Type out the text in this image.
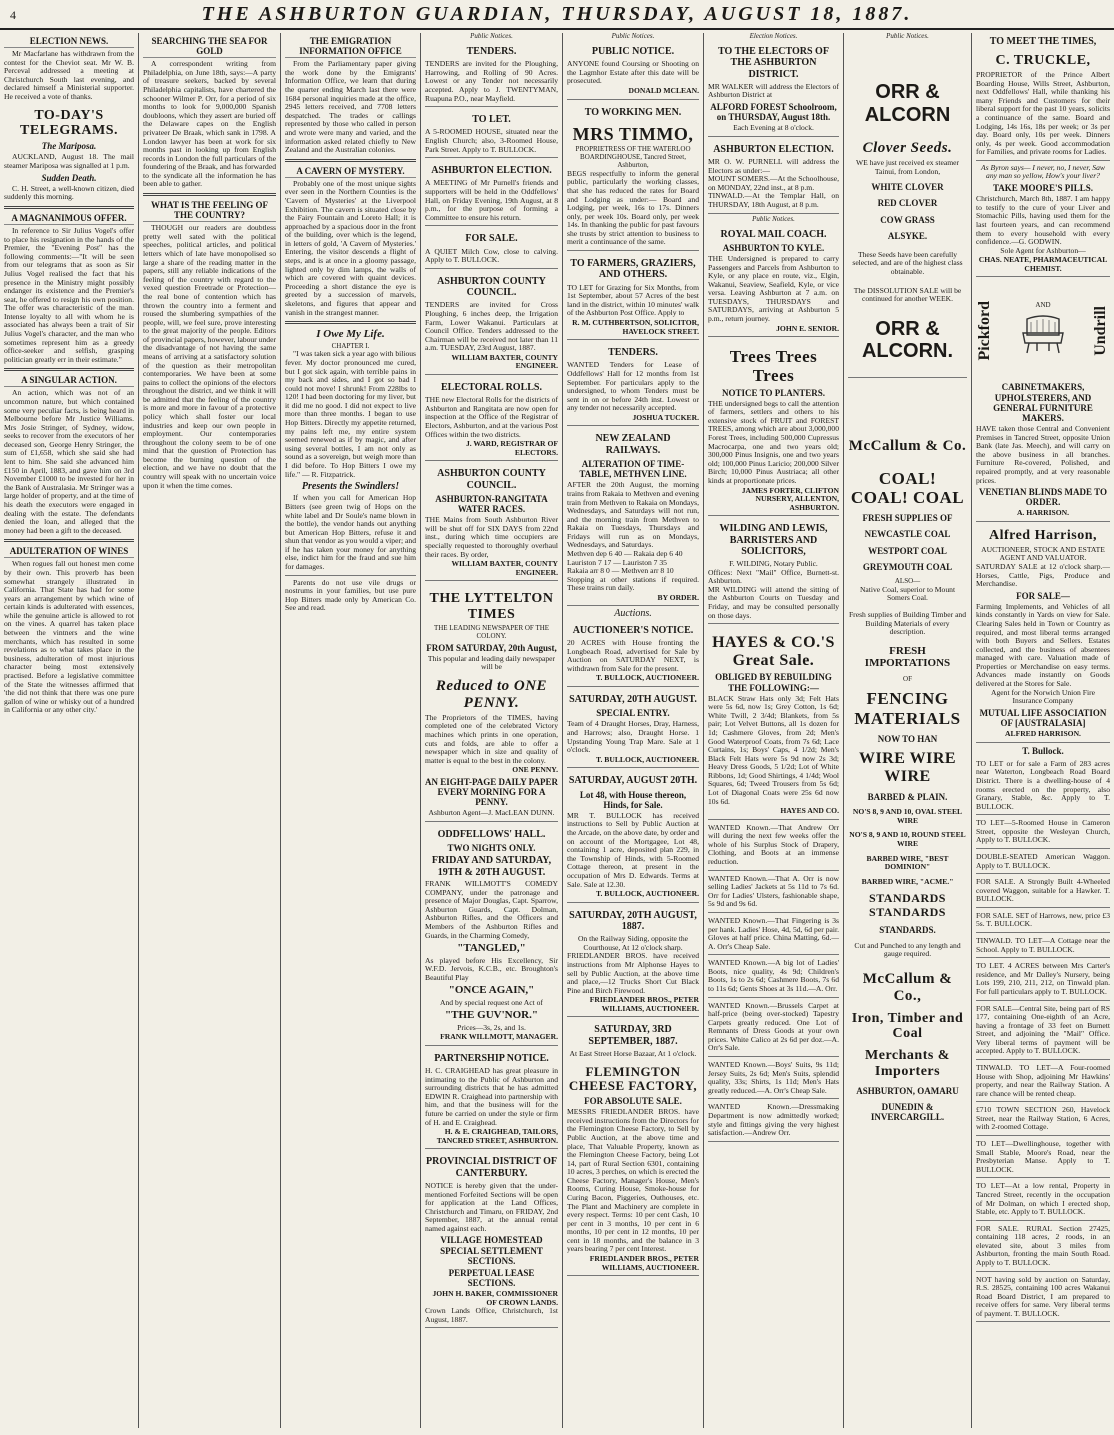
4	THE ASHBURTON GUARDIAN, THURSDAY, AUGUST 18, 1887.
ELECTION NEWS.
Mr Macfarlane has withdrawn from the contest for the Cheviot seat. Mr W. B. Perceval addressed a meeting at Christchurch South last evening, and declared himself a Ministerial supporter. He received a vote of thanks.
TO-DAY'S TELEGRAMS.
The Mariposa.
AUCKLAND, August 18. The mail steamer Mariposa was signalled at 1 p.m.
Sudden Death.
C. H. Street, a well-known citizen, died suddenly this morning.
A MAGNANIMOUS OFFER.
In reference to Sir Julius Vogel's offer to place his resignation in the hands of the Premier, the "Evening Post" has the following comments:—"It will be seen from our telegrams that as soon as Sir Julius Vogel realised the fact that his presence in the Ministry might possibly endanger its existence and the Premier's seat, he offered to resign his own position. The offer was characteristic of the man. Intense loyalty to all with whom he is associated has always been a trait of Sir Julius Vogel's character, and the man who sometimes represent him as a greedy office-seeker and selfish, grasping politician greatly err in their estimate."
A SINGULAR ACTION.
An action, which was not of an uncommon nature, but which contained some very peculiar facts, is being heard in Melbourne before Mr Justice Williams. Mrs Josie Stringer, of Sydney, widow, seeks to recover from the executors of her deceased son, George Henry Stringer, the sum of £1,658, which she said she had lent to him. She said she advanced him £150 in April, 1883, and gave him on 3rd November £1000 to be invested for her in the Bank of Australasia. Mr Stringer was a large holder of property, and at the time of his death the executors were engaged in dealing with the estate. The defendants denied the loan, and alleged that the money had been a gift to the deceased.
ADULTERATION OF WINES
When rogues fall out honest men come by their own. This proverb has been somewhat strangely illustrated in California. That State has had for some years an arrangement by which wine of certain kinds is adulterated with essences, while the genuine article is allowed to rot on the vines. A quarrel has taken place between the vintners and the wine merchants, which has resulted in some revelations as to what takes place in the business, adulteration of most injurious character being most extensively practised. Before a legislative committee of the State the witnesses affirmed that 'the did not think that there was one pure gallon of wine or whisky out of a hundred in California or any other city.'
SEARCHING THE SEA FOR GOLD
A correspondent writing from Philadelphia, on June 18th, says:—A party of treasure seekers, backed by several Philadelphia capitalists, have chartered the schooner Wilmer P. Orr, for a period of six months to look for 9,000,000 Spanish doubloons, which they assert are buried off the Delaware capes on the English privateer De Braak, which sank in 1798. A London lawyer has been at work for six months past in looking up from English records in London the full particulars of the foundering of the Braak, and has forwarded to the syndicate all the information he has been able to gather.
WHAT IS THE FEELING OF THE COUNTRY?
THOUGH our readers are doubtless pretty well sated with the political speeches, political articles, and political letters which of late have monopolised so large a share of the reading matter in the papers, still any reliable indications of the feeling of the country with regard to the vexed question Freetrade or Protection—the real bone of contention which has thrown the country into a ferment and roused the slumbering sympathies of the people, will, we feel sure, prove interesting to the great majority of the people. Editors of provincial papers, however, labour under the disadvantage of not having the same means of arriving at a satisfactory solution of the question as their metropolitan contemporaries. We have been at some pains to collect the opinions of the electors throughout the district, and we think it will be admitted that the feeling of the country is more and more in favour of a protective policy which shall foster our local industries and keep our own people in employment. Our contemporaries throughout the colony seem to be of one mind that the question of Protection has become the burning question of the election, and we have no doubt that the country will speak with no uncertain voice upon it when the time comes.
THE EMIGRATION INFORMATION OFFICE
From the Parliamentary paper giving the work done by the Emigrants' Information Office, we learn that during the quarter ending March last there were 1684 personal inquiries made at the office, 2945 letters received, and 7708 letters despatched. The trades or callings represented by those who called in person and wrote were many and varied, and the information asked related chiefly to New Zealand and the Australian colonies.
A CAVERN OF MYSTERY.
Probably one of the most unique sights ever seen in the Northern Counties is the 'Cavern of Mysteries' at the Liverpool Exhibition. The cavern is situated close by the Fairy Fountain and Loreto Hall; it is approached by a spacious door in the front of the building, over which is the legend, in letters of gold, 'A Cavern of Mysteries.' Entering, the visitor descends a flight of steps, and is at once in a gloomy passage, lighted only by dim lamps, the walls of which are covered with quaint devices. Proceeding a short distance the eye is greeted by a succession of marvels, skeletons, and figures that appear and vanish in the strangest manner.
I Owe My Life.
CHAPTER I.
"I was taken sick a year ago with bilious fever. My doctor pronounced me cured, but I got sick again, with terrible pains in my back and sides, and I got so bad I could not move! I shrunk! From 228lbs to 120! I had been doctoring for my liver, but it did me no good. I did not expect to live more than three months. I began to use Hop Bitters. Directly my appetite returned, my pains left me, my entire system seemed renewed as if by magic, and after using several bottles, I am not only as sound as a sovereign, but weigh more than I did before. To Hop Bitters I owe my life." — R. Fitzpatrick.
Presents the Swindlers!
If when you call for American Hop Bitters (see green twig of Hops on the white label and Dr Soule's name blown in the bottle), the vendor hands out anything but American Hop Bitters, refuse it and shun that vendor as you would a viper; and if he has taken your money for anything else, indict him for the fraud and sue him for damages.
Parents do not use vile drugs or nostrums in your families, but use pure Hop Bitters made only by American Co. See and read.
Public Notices.
TENDERS.
TENDERS are invited for the Ploughing, Harrowing, and Rolling of 90 Acres. Lowest or any Tender not necessarily accepted. Apply to J. TWENTYMAN, Ruapuna P.O., near Mayfield.
TO LET.
A 5-ROOMED HOUSE, situated near the English Church; also, 3-Roomed House, Park Street. Apply to T. BULLOCK.
ASHBURTON ELECTION.
A MEETING of Mr Purnell's friends and supporters will be held in the Oddfellows' Hall, on Friday Evening, 19th August, at 8 p.m., for the purpose of forming a Committee to ensure his return.
FOR SALE.
A QUIET Milch Cow, close to calving. Apply to T. BULLOCK.
ASHBURTON COUNTY COUNCIL.
TENDERS are invited for Cross Ploughing, 6 inches deep, the Irrigation Farm, Lower Wakanui. Particulars at Council Office. Tenders addressed to the Chairman will be received not later than 11 a.m. TUESDAY, 23rd August, 1887.
WILLIAM BAXTER, COUNTY ENGINEER.
ELECTORAL ROLLS.
THE new Electoral Rolls for the districts of Ashburton and Rangitata are now open for inspection at the Office of the Registrar of Electors, Ashburton, and at the various Post Offices within the two districts.
J. WARD, REGISTRAR OF ELECTORS.
ASHBURTON COUNTY COUNCIL.
ASHBURTON-RANGITATA WATER RACES.
THE Mains from South Ashburton River will be shut off for SIX DAYS from 22nd inst., during which time occupiers are specially requested to thoroughly overhaul their races. By order,
WILLIAM BAXTER, COUNTY ENGINEER.
THE LYTTELTON TIMES
THE LEADING NEWSPAPER OF THE COLONY.
FROM SATURDAY, 20th August,
This popular and leading daily newspaper will be
Reduced to ONE PENNY.
The Proprietors of the TIMES, having completed one of the celebrated Victory machines which prints in one operation, cuts and folds, are able to offer a newspaper which in size and quality of matter is equal to the best in the colony.
ONE PENNY.
AN EIGHT-PAGE DAILY PAPER EVERY MORNING FOR A PENNY.
Ashburton Agent—J. MacLEAN DUNN.
ODDFELLOWS' HALL.
TWO NIGHTS ONLY.
FRIDAY AND SATURDAY, 19TH & 20TH AUGUST.
FRANK WILLMOTT'S COMEDY COMPANY, under the patronage and presence of Major Douglas, Capt. Sparrow, Ashburton Guards, Capt. Dolman, Ashburton Rifles, and the Officers and Members of the Ashburton Rifles and Guards, in the Charming Comedy,
"TANGLED,"
As played before His Excellency, Sir W.F.D. Jervois, K.C.B., etc. Broughton's Beautiful Play
"ONCE AGAIN,"
And by special request one Act of
"THE GUV'NOR."
Prices—3s, 2s, and 1s.
FRANK WILLMOTT, MANAGER.
PARTNERSHIP NOTICE.
H. C. CRAIGHEAD has great pleasure in intimating to the Public of Ashburton and surrounding districts that he has admitted EDWIN R. Craighead into partnership with him, and that the business will for the future be carried on under the style or firm of H. and E. Craighead.
H. & E. CRAIGHEAD, TAILORS, TANCRED STREET, ASHBURTON.
PROVINCIAL DISTRICT OF CANTERBURY.
NOTICE is hereby given that the under-mentioned Forfeited Sections will be open for application at the Land Offices, Christchurch and Timaru, on FRIDAY, 2nd September, 1887, at the annual rental named against each.
VILLAGE HOMESTEAD SPECIAL SETTLEMENT SECTIONS.
PERPETUAL LEASE SECTIONS.
JOHN H. BAKER, COMMISSIONER OF CROWN LANDS.
Crown Lands Office, Christchurch, 1st August, 1887.
Public Notices.
PUBLIC NOTICE.
ANYONE found Coursing or Shooting on the Lagmhor Estate after this date will be prosecuted.
DONALD MCLEAN.
TO WORKING MEN.
MRS TIMMO,
PROPRIETRESS OF THE WATERLOO BOARDINGHOUSE, Tancred Street, Ashburton,
BEGS respectfully to inform the general public, particularly the working classes, that she has reduced the rates for Board and Lodging as under:— Board and Lodging, per week, 16s to 17s. Dinners only, per week 10s. Board only, per week 14s. In thanking the public for past favours she trusts by strict attention to business to merit a continuance of the same.
TO FARMERS, GRAZIERS, AND OTHERS.
TO LET for Grazing for Six Months, from 1st September, about 57 Acres of the best land in the district, within 10 minutes' walk of the Ashburton Post Office. Apply to
R. M. CUTHBERTSON, SOLICITOR, HAVELOCK STREET.
TENDERS.
WANTED Tenders for Lease of Oddfellows' Hall for 12 months from 1st September. For particulars apply to the undersigned, to whom Tenders must be sent in on or before 24th inst. Lowest or any tender not necessarily accepted.
JOSHUA TUCKER.
NEW ZEALAND RAILWAYS.
ALTERATION OF TIME-TABLE, METHVEN LINE.
AFTER the 20th August, the morning trains from Rakaia to Methven and evening train from Methven to Rakaia on Mondays, Wednesdays, and Saturdays will not run, and the morning train from Methven to Rakaia on Tuesdays, Thursdays and Fridays will run as on Mondays, Wednesdays, and Saturdays.
Methven dep 6 40 — Rakaia dep 6 40
Lauriston 7 17 — Lauriston 7 35
Rakaia arr 8 0 — Methven arr 8 10
Stopping at other stations if required. These trains run daily.
BY ORDER.
Auctions.
AUCTIONEER'S NOTICE.
20 ACRES with House fronting the Longbeach Road, advertised for Sale by Auction on SATURDAY NEXT, is withdrawn from Sale for the present.
T. BULLOCK, AUCTIONEER.
SATURDAY, 20TH AUGUST.
SPECIAL ENTRY.
Team of 4 Draught Horses, Dray, Harness, and Harrows; also, Draught Horse. 1 Upstanding Young Trap Mare. Sale at 1 o'clock.
T. BULLOCK, AUCTIONEER.
SATURDAY, AUGUST 20TH.
Lot 48, with House thereon, Hinds, for Sale.
MR T. BULLOCK has received instructions to Sell by Public Auction at the Arcade, on the above date, by order and on account of the Mortgagee, Lot 48, containing 1 acre, deposited plan 229, in the Township of Hinds, with 5-Roomed Cottage thereon, at present in the occupation of Mrs D. Edwards. Terms at Sale. Sale at 12.30.
T. BULLOCK, AUCTIONEER.
SATURDAY, 20TH AUGUST, 1887.
On the Railway Siding, opposite the Courthouse, At 12 o'clock sharp.
FRIEDLANDER BROS. have received instructions from Mr Alphonse Hayes to sell by Public Auction, at the above time and place,—12 Trucks Short Cut Black Pine and Birch Firewood.
FRIEDLANDER BROS., PETER WILLIAMS, AUCTIONEER.
SATURDAY, 3RD SEPTEMBER, 1887.
At East Street Horse Bazaar, At 1 o'clock.
FLEMINGTON CHEESE FACTORY,
FOR ABSOLUTE SALE.
MESSRS FRIEDLANDER BROS. have received instructions from the Directors for the Flemington Cheese Factory, to Sell by Public Auction, at the above time and place, That Valuable Property, known as the Flemington Cheese Factory, being Lot 14, part of Rural Section 6301, containing 10 acres, 3 perches, on which is erected the Cheese Factory, Manager's House, Men's Rooms, Curing House, Smoke-house for Curing Bacon, Piggeries, Outhouses, etc. The Plant and Machinery are complete in every respect. Terms: 10 per cent Cash, 10 per cent in 3 months, 10 per cent in 6 months, 10 per cent in 12 months, 10 per cent in 18 months, and the balance in 3 years bearing 7 per cent Interest.
FRIEDLANDER BROS., PETER WILLIAMS, AUCTIONEER.
Election Notices.
TO THE ELECTORS OF THE ASHBURTON DISTRICT.
MR WALKER will address the Electors of Ashburton District at
ALFORD FOREST Schoolroom, on THURSDAY, August 18th.
Each Evening at 8 o'clock.
ASHBURTON ELECTION.
MR O. W. PURNELL will address the Electors as under:—
MOUNT SOMERS.—At the Schoolhouse, on MONDAY, 22nd inst., at 8 p.m.
TINWALD.—At the Templar Hall, on THURSDAY, 18th August, at 8 p.m.
Public Notices.
ROYAL MAIL COACH.
ASHBURTON TO KYLE.
THE Undersigned is prepared to carry Passengers and Parcels from Ashburton to Kyle, or any place en route, viz., Elgin, Wakanui, Seaview, Seafield, Kyle, or vice versa. Leaving Ashburton at 7 a.m. on TUESDAYS, THURSDAYS and SATURDAYS, arriving at Ashburton 5 p.m., return journey.
JOHN E. SENIOR.
Trees Trees Trees
NOTICE TO PLANTERS.
THE undersigned begs to call the attention of farmers, settlers and others to his extensive stock of FRUIT and FOREST TREES, among which are about 3,000,000 Forest Trees, including 500,000 Cupressus Macrocarpa, one and two years old; 300,000 Pinus Insignis, one and two years old; 100,000 Pinus Laricio; 200,000 Silver Birch; 10,000 Pinus Austriaca; all other kinds at proportionate prices.
JAMES FORTER, CLIFTON NURSERY, ALLENTON, ASHBURTON.
WILDING AND LEWIS, BARRISTERS AND SOLICITORS,
F. WILDING, Notary Public.
Offices: Next "Mail" Office, Burnett-st. Ashburton.
MR WILDING will attend the sitting of the Ashburton Courts on Tuesday and Friday, and may be consulted personally on those days.
HAYES & CO.'S Great Sale.
OBLIGED BY REBUILDING THE FOLLOWING:—
BLACK Straw Hats only 3d; Felt Hats were 5s 6d, now 1s; Grey Cotton, 1s 6d; White Twill, 2 3/4d; Blankets, from 5s pair; Lot Velvet Buttons, all 1s dozen for 1d; Cashmere Gloves, from 2d; Men's Good Waterproof Coats, from 7s 6d; Lace Curtains, 1s; Boys' Caps, 4 1/2d; Men's Black Felt Hats were 5s 9d now 2s 3d; Heavy Dress Goods, 5 1/2d; Lot of White Ribbons, 1d; Good Shirtings, 4 1/4d; Wool Squares, 6d; Tweed Trousers from 5s 6d; Lot of Diagonal Coats were 25s 6d now 10s 6d.
HAYES AND CO.
WANTED Known.—That Andrew Orr will during the next few weeks offer the whole of his Surplus Stock of Drapery, Clothing, and Boots at an immense reduction.
WANTED Known.—That A. Orr is now selling Ladies' Jackets at 5s 11d to 7s 6d. Orr for Ladies' Ulsters, fashionable shape, 5s 9d and 9s 6d.
WANTED Known.—That Fingering is 3s per hank. Ladies' Hose, 4d, 5d, 6d per pair. Gloves at half price. China Matting, 6d.—A. Orr's Cheap Sale.
WANTED Known.—A big lot of Ladies' Boots, nice quality, 4s 9d; Children's Boots, 1s to 2s 6d; Cashmere Boots, 7s 6d to 11s 6d; Gents Shoes at 3s 11d.—A. Orr.
WANTED Known.—Brussels Carpet at half-price (being over-stocked) Tapestry Carpets greatly reduced. One Lot of Remnants of Dress Goods at your own prices. White Calico at 2s 6d per doz.—A. Orr's Sale.
WANTED Known.—Boys' Suits, 9s 11d; Jersey Suits, 2s 6d; Men's Suits, splendid quality, 33s; Shirts, 1s 11d; Men's Hats greatly reduced.—A. Orr's Cheap Sale.
WANTED Known.—Dressmaking Department is now admittedly worked; style and fittings giving the very highest satisfaction.—Andrew Orr.
Public Notices.
ORR & ALCORN
Clover Seeds.
WE have just received ex steamer Tainui, from London,
WHITE CLOVER
RED CLOVER
COW GRASS
ALSYKE.
These Seeds have been carefully selected, and are of the highest class obtainable.
The DISSOLUTION SALE will be continued for another WEEK.
ORR & ALCORN.
McCallum & Co.
COAL! COAL! COAL
FRESH SUPPLIES OF
NEWCASTLE COAL
WESTPORT COAL
GREYMOUTH COAL
ALSO—
Native Coal, superior to Mount Somers Coal.
Fresh supplies of Building Timber and Building Materials of every description.
FRESH IMPORTATIONS
OF
FENCING MATERIALS
NOW TO HAN
WIRE WIRE WIRE
BARBED & PLAIN.
NO'S 8, 9 AND 10, OVAL STEEL WIRE
NO'S 8, 9 AND 10, ROUND STEEL WIRE
BARBED WIRE, "BEST DOMINION"
BARBED WIRE, "ACME."
STANDARDS STANDARDS
STANDARDS.
Cut and Punched to any length and gauge required.
McCallum & Co.,
Iron, Timber and Coal
Merchants & Importers
ASHBURTON, OAMARU
DUNEDIN & INVERCARGILL.
TO MEET THE TIMES,
C. TRUCKLE,
PROPRIETOR of the Prince Albert Boarding House, Wills Street, Ashburton, next Oddfellows' Hall, while thanking his many Friends and Customers for their liberal support for the past 10 years, solicits a continuance of the same. Board and Lodging, 14s 16s, 18s per week; or 3s per day. Board only, 10s per week. Dinners only, 4s per week. Good accommodation for Families, and private rooms for Ladies.
As Byron says— I never, no, I never, Saw any man so yellow, How's your liver?
TAKE MOORE'S PILLS.
Christchurch, March 8th, 1887. I am happy to testify to the cure of your Liver and Stomachic Pills, having used them for the last fourteen years, and can recommend them to every household with every confidence.—G. GODWIN.
Sole Agent for Ashburton—
CHAS. NEATE, PHARMACEUTICAL CHEMIST.
Pickford	AND
Undrill
CABINETMAKERS, UPHOLSTERERS, AND GENERAL FURNITURE MAKERS.
HAVE taken those Central and Convenient Premises in Tancred Street, opposite Union Bank (late Jas. Meech), and will carry on the above business in all branches. Furniture Re-covered, Polished, and repaired promptly, and at very reasonable prices.
VENETIAN BLINDS MADE TO ORDER.
A. HARRISON.
Alfred Harrison,
AUCTIONEER, STOCK AND ESTATE AGENT AND VALUATOR.
SATURDAY SALE at 12 o'clock sharp.—Horses, Cattle, Pigs, Produce and Merchandise.
FOR SALE—
Farming Implements, and Vehicles of all kinds constantly in Yards on view for Sale. Clearing Sales held in Town or Country as required, and most liberal terms arranged with both Buyers and Sellers. Estates collected, and the business of absentees managed with care. Valuation made of Properties or Merchandise on easy terms. Advances made instantly on Goods delivered at the Stores for Sale.
Agent for the Norwich Union Fire Insurance Company
MUTUAL LIFE ASSOCIATION OF [AUSTRALASIA]
ALFRED HARRISON.
T. Bullock.
TO LET or for sale a Farm of 283 acres near Waterton, Longbeach Road Board District. There is a dwelling-house of 4 rooms erected on the property, also Granary, Stable, &c. Apply to T. BULLOCK.
TO LET—5-Roomed House in Cameron Street, opposite the Wesleyan Church, Apply to T. BULLOCK.
DOUBLE-SEATED American Waggon. Apply to T. BULLOCK.
FOR SALE. A Strongly Built 4-Wheeled covered Waggon, suitable for a Hawker. T. BULLOCK.
FOR SALE. SET of Harrows, new, price £3 5s. T. BULLOCK.
TINWALD. TO LET—A Cottage near the School. Apply to T. BULLOCK.
TO LET. 4 ACRES between Mrs Carter's residence, and Mr Dalley's Nursery, being Lots 199, 210, 211, 212, on Tinwald plan. For full particulars apply to T. BULLOCK.
FOR SALE—Central Site, being part of RS 177, containing One-eighth of an Acre, having a frontage of 33 feet on Burnett Street, and adjoining the "Mail" Office. Very liberal terms of payment will be accepted. Apply to T. BULLOCK.
TINWALD. TO LET—A Four-roomed House with Shop, adjoining Mr Hawkins' property, and near the Railway Station. A rare chance will be rented cheap.
£710 TOWN SECTION 260, Havelock Street, near the Railway Station, 6 Acres, with 2-roomed Cottage.
TO LET—Dwellinghouse, together with Small Stable, Moore's Road, near the Presbyterian Manse. Apply to T. BULLOCK.
TO LET—At a low rental, Property in Tancred Street, recently in the occupation of Mr Dolman, on which I erected shop, Stable, etc. Apply to T. BULLOCK.
FOR SALE. RURAL Section 27425, containing 118 acres, 2 roods, in an elevated site, about 3 miles from Ashburton, fronting the main South Road. Apply to T. BULLOCK.
NOT having sold by auction on Saturday, R.S. 28525, containing 100 acres Wakanui Road Board District, I am prepared to receive offers for same. Very liberal terms of payment. T. BULLOCK.
